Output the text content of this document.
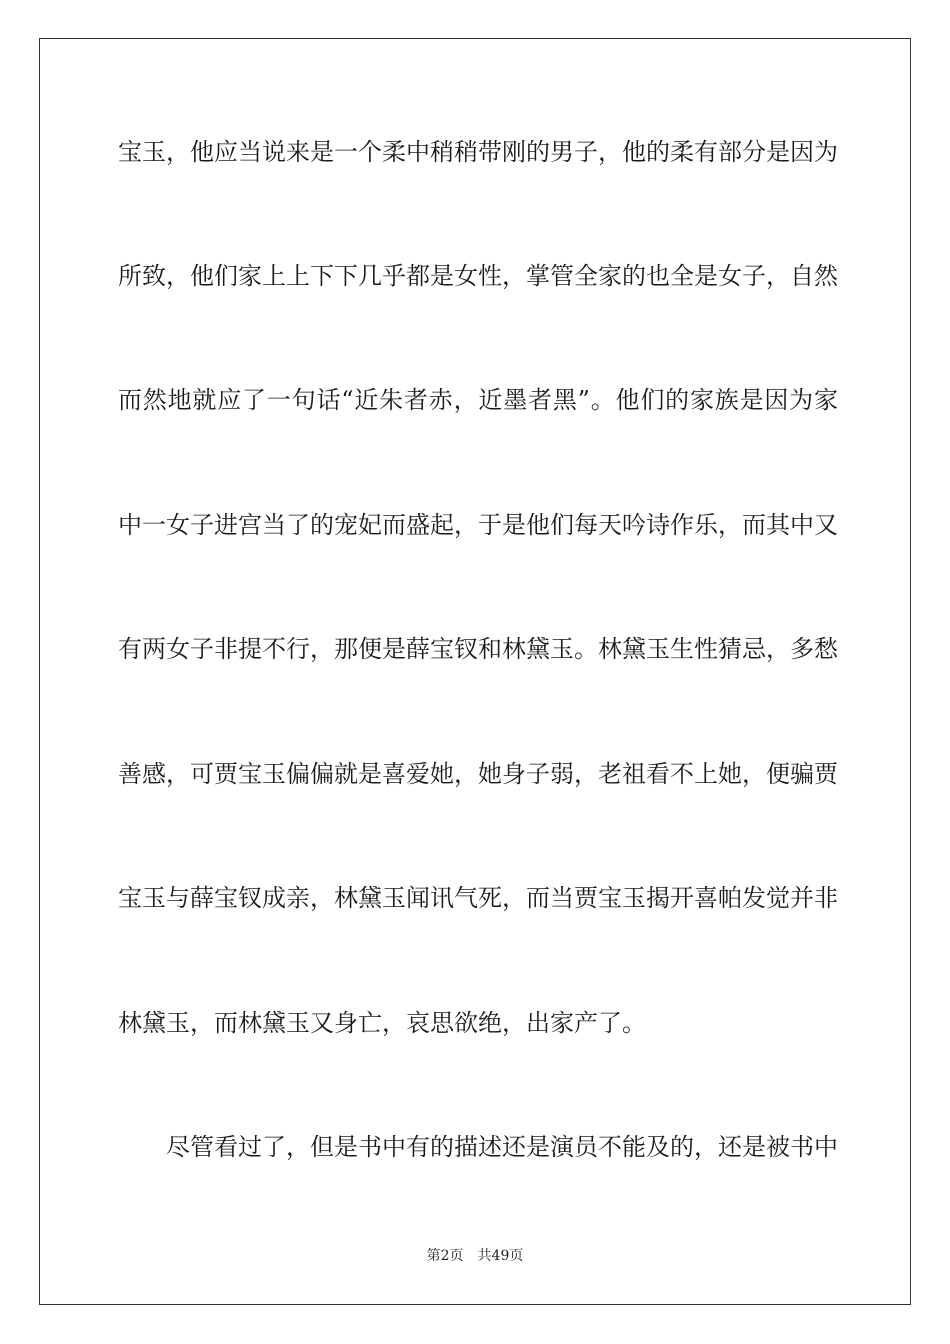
宝玉，他应当说来是一个柔中稍稍带刚的男子，他的柔有部分是因为
所致，他们家上上下下几乎都是女性，掌管全家的也全是女子，自然
而然地就应了一句话“近朱者赤，近墨者黑”。他们的家族是因为家
中一女子进宫当了的宠妃而盛起，于是他们每天吟诗作乐，而其中又
有两女子非提不行，那便是薛宝钗和林黛玉。林黛玉生性猜忌，多愁
善感，可贾宝玉偏偏就是喜爱她，她身子弱，老祖看不上她，便骗贾
宝玉与薛宝钗成亲，林黛玉闻讯气死，而当贾宝玉揭开喜帕发觉并非
林黛玉，而林黛玉又身亡，哀思欲绝，出家产了。
尽管看过了，但是书中有的描述还是演员不能及的，还是被书中
第2页 共49页
